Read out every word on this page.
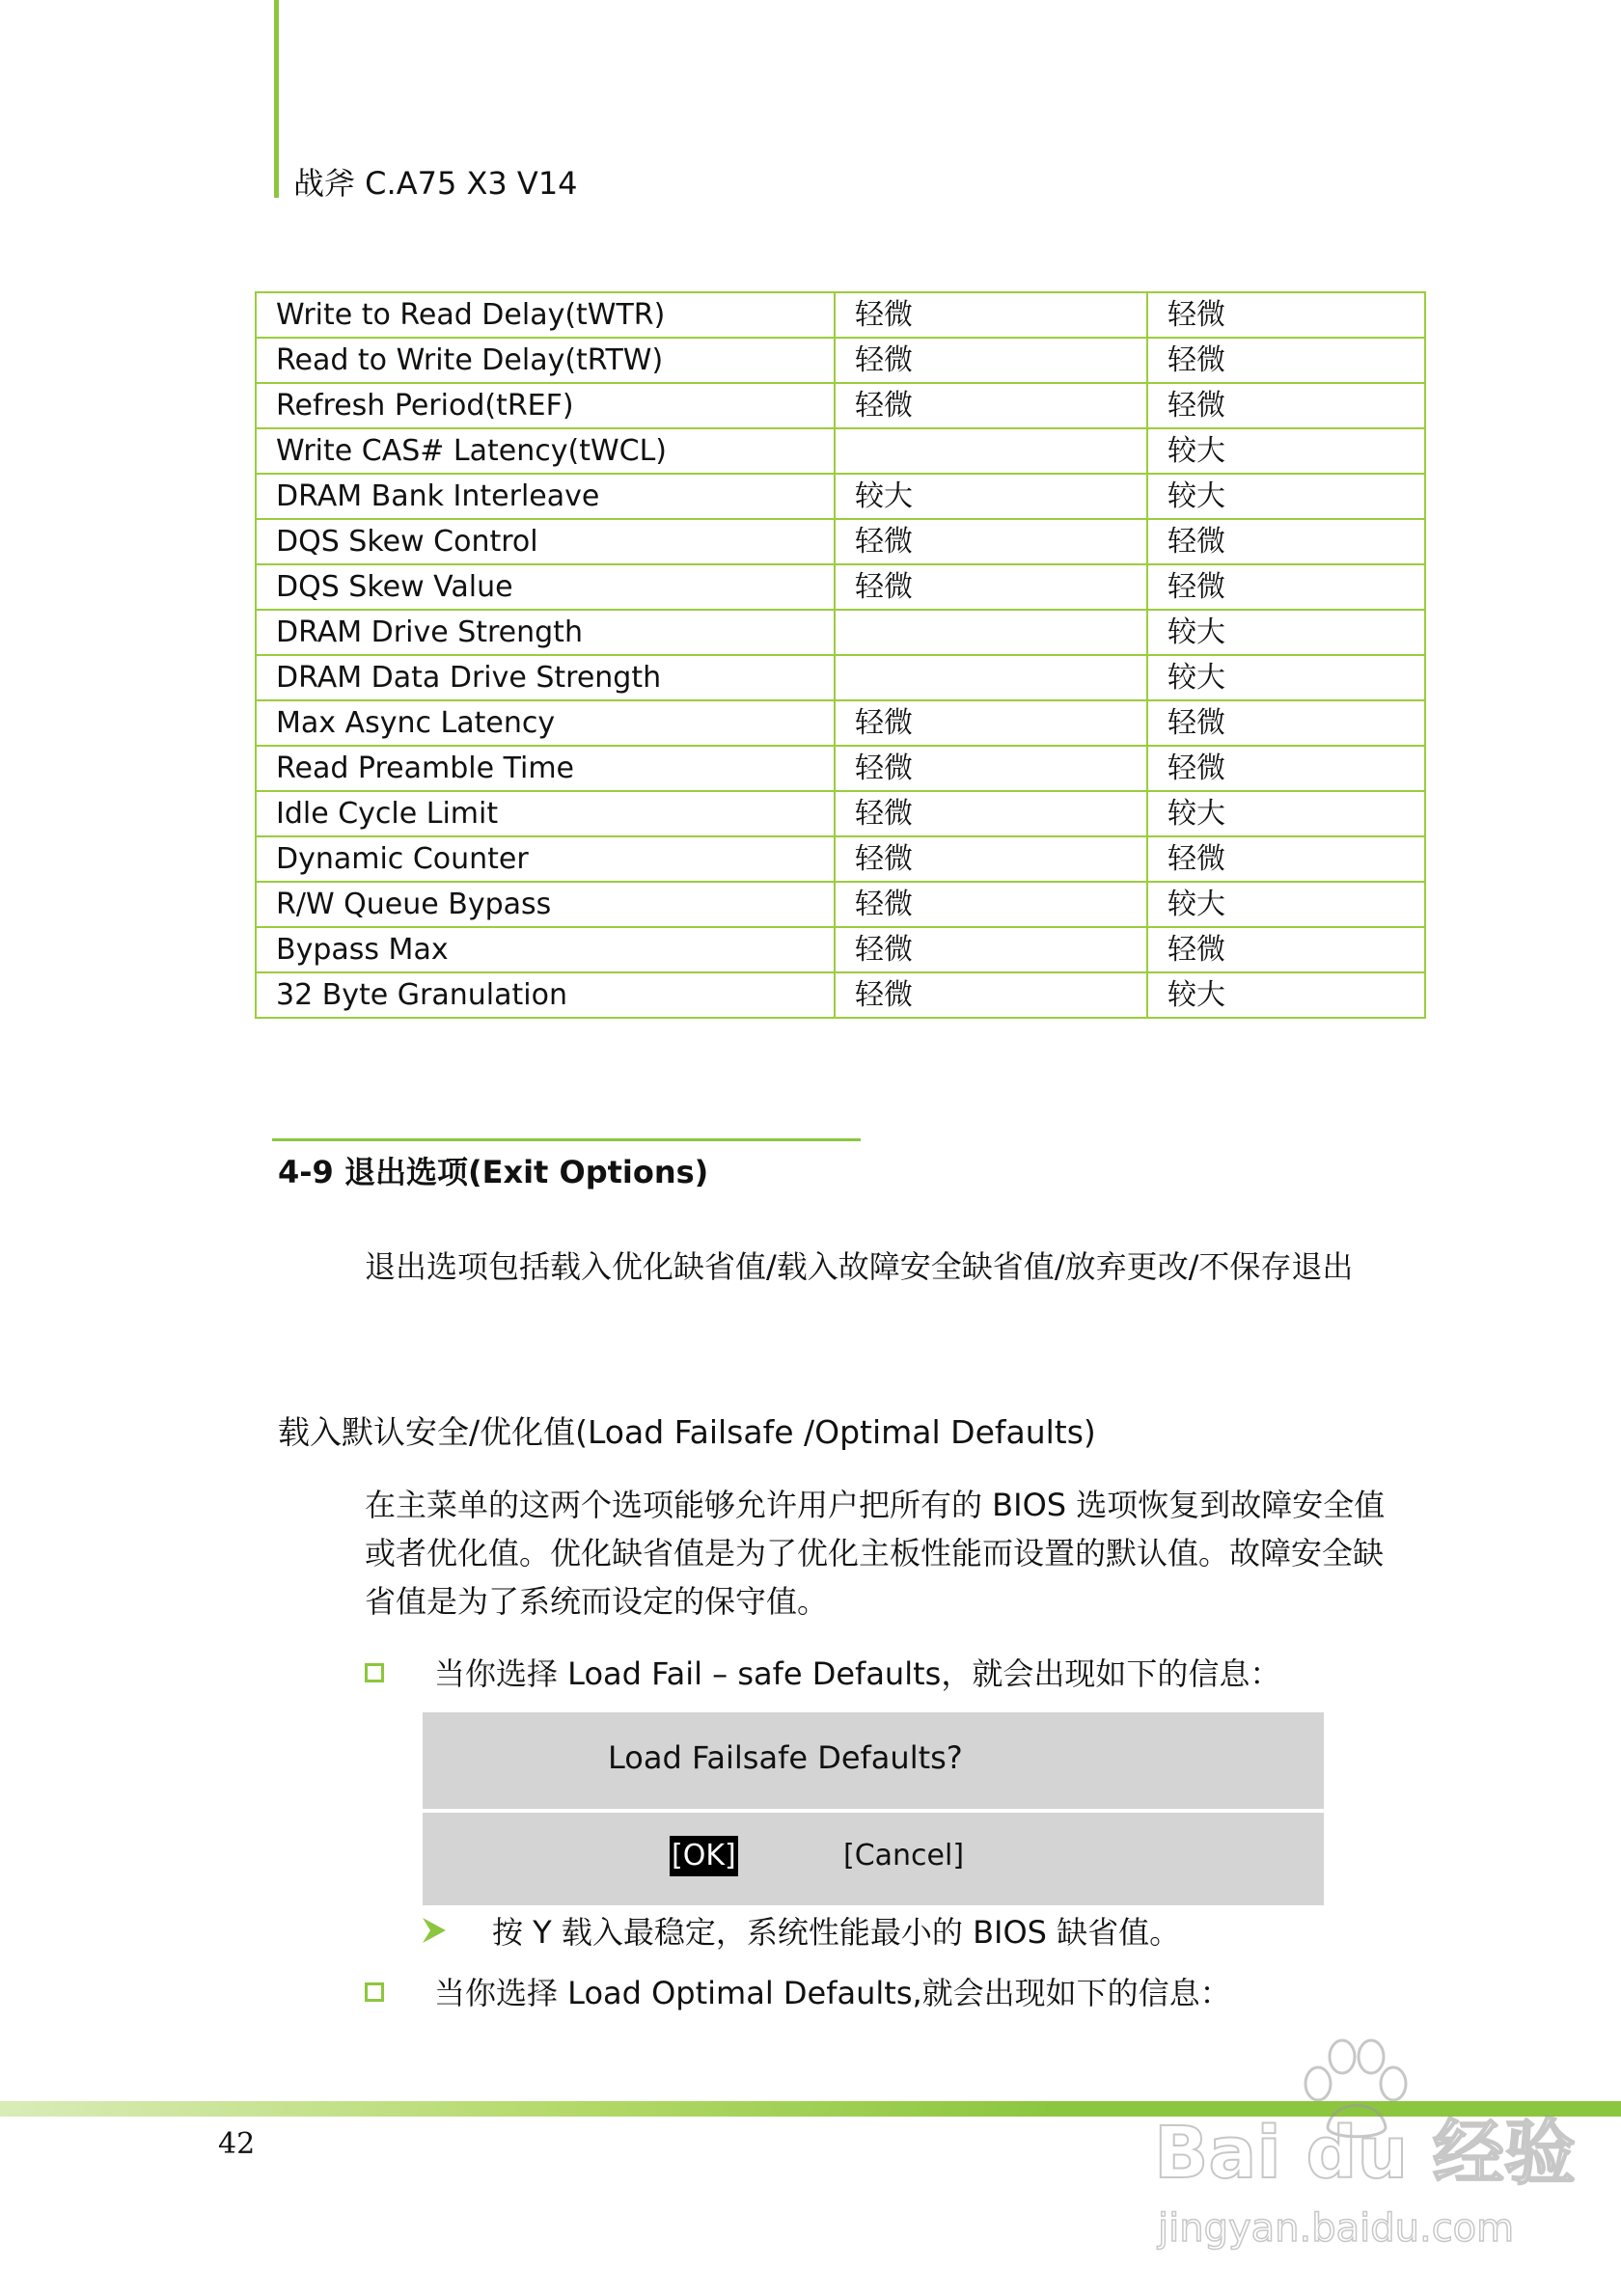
战斧 C.A75 X3 V14
Write to Read Delay(tWTR)	轻微	轻微
Read to Write Delay(tRTW)	轻微	轻微
Refresh Period(tREF)	轻微	轻微
Write CAS# Latency(tWCL)		较大
DRAM Bank Interleave	较大	较大
DQS Skew Control	轻微	轻微
DQS Skew Value	轻微	轻微
DRAM Drive Strength		较大
DRAM Data Drive Strength		较大
Max Async Latency	轻微	轻微
Read Preamble Time	轻微	轻微
Idle Cycle Limit	轻微	较大
Dynamic Counter	轻微	轻微
R/W Queue Bypass	轻微	较大
Bypass Max	轻微	轻微
32 Byte Granulation	轻微	较大
4-9 退出选项(Exit Options)
退出选项包括载入优化缺省值/载入故障安全缺省值/放弃更改/不保存退出
载入默认安全/优化值(Load Failsafe /Optimal Defaults)
在主菜单的这两个选项能够允许用户把所有的 BIOS 选项恢复到故障安全值或者优化值。优化缺省值是为了优化主板性能而设置的默认值。故障安全缺省值是为了系统而设定的保守值。
当你选择 Load Fail – safe Defaults，就会出现如下的信息：
Load Failsafe Defaults?
[OK]	[Cancel]
按 Y 载入最稳定，系统性能最小的 BIOS 缺省值。
当你选择 Load Optimal Defaults,就会出现如下的信息：
42	Bai du 经验
jingyan.baidu.com
